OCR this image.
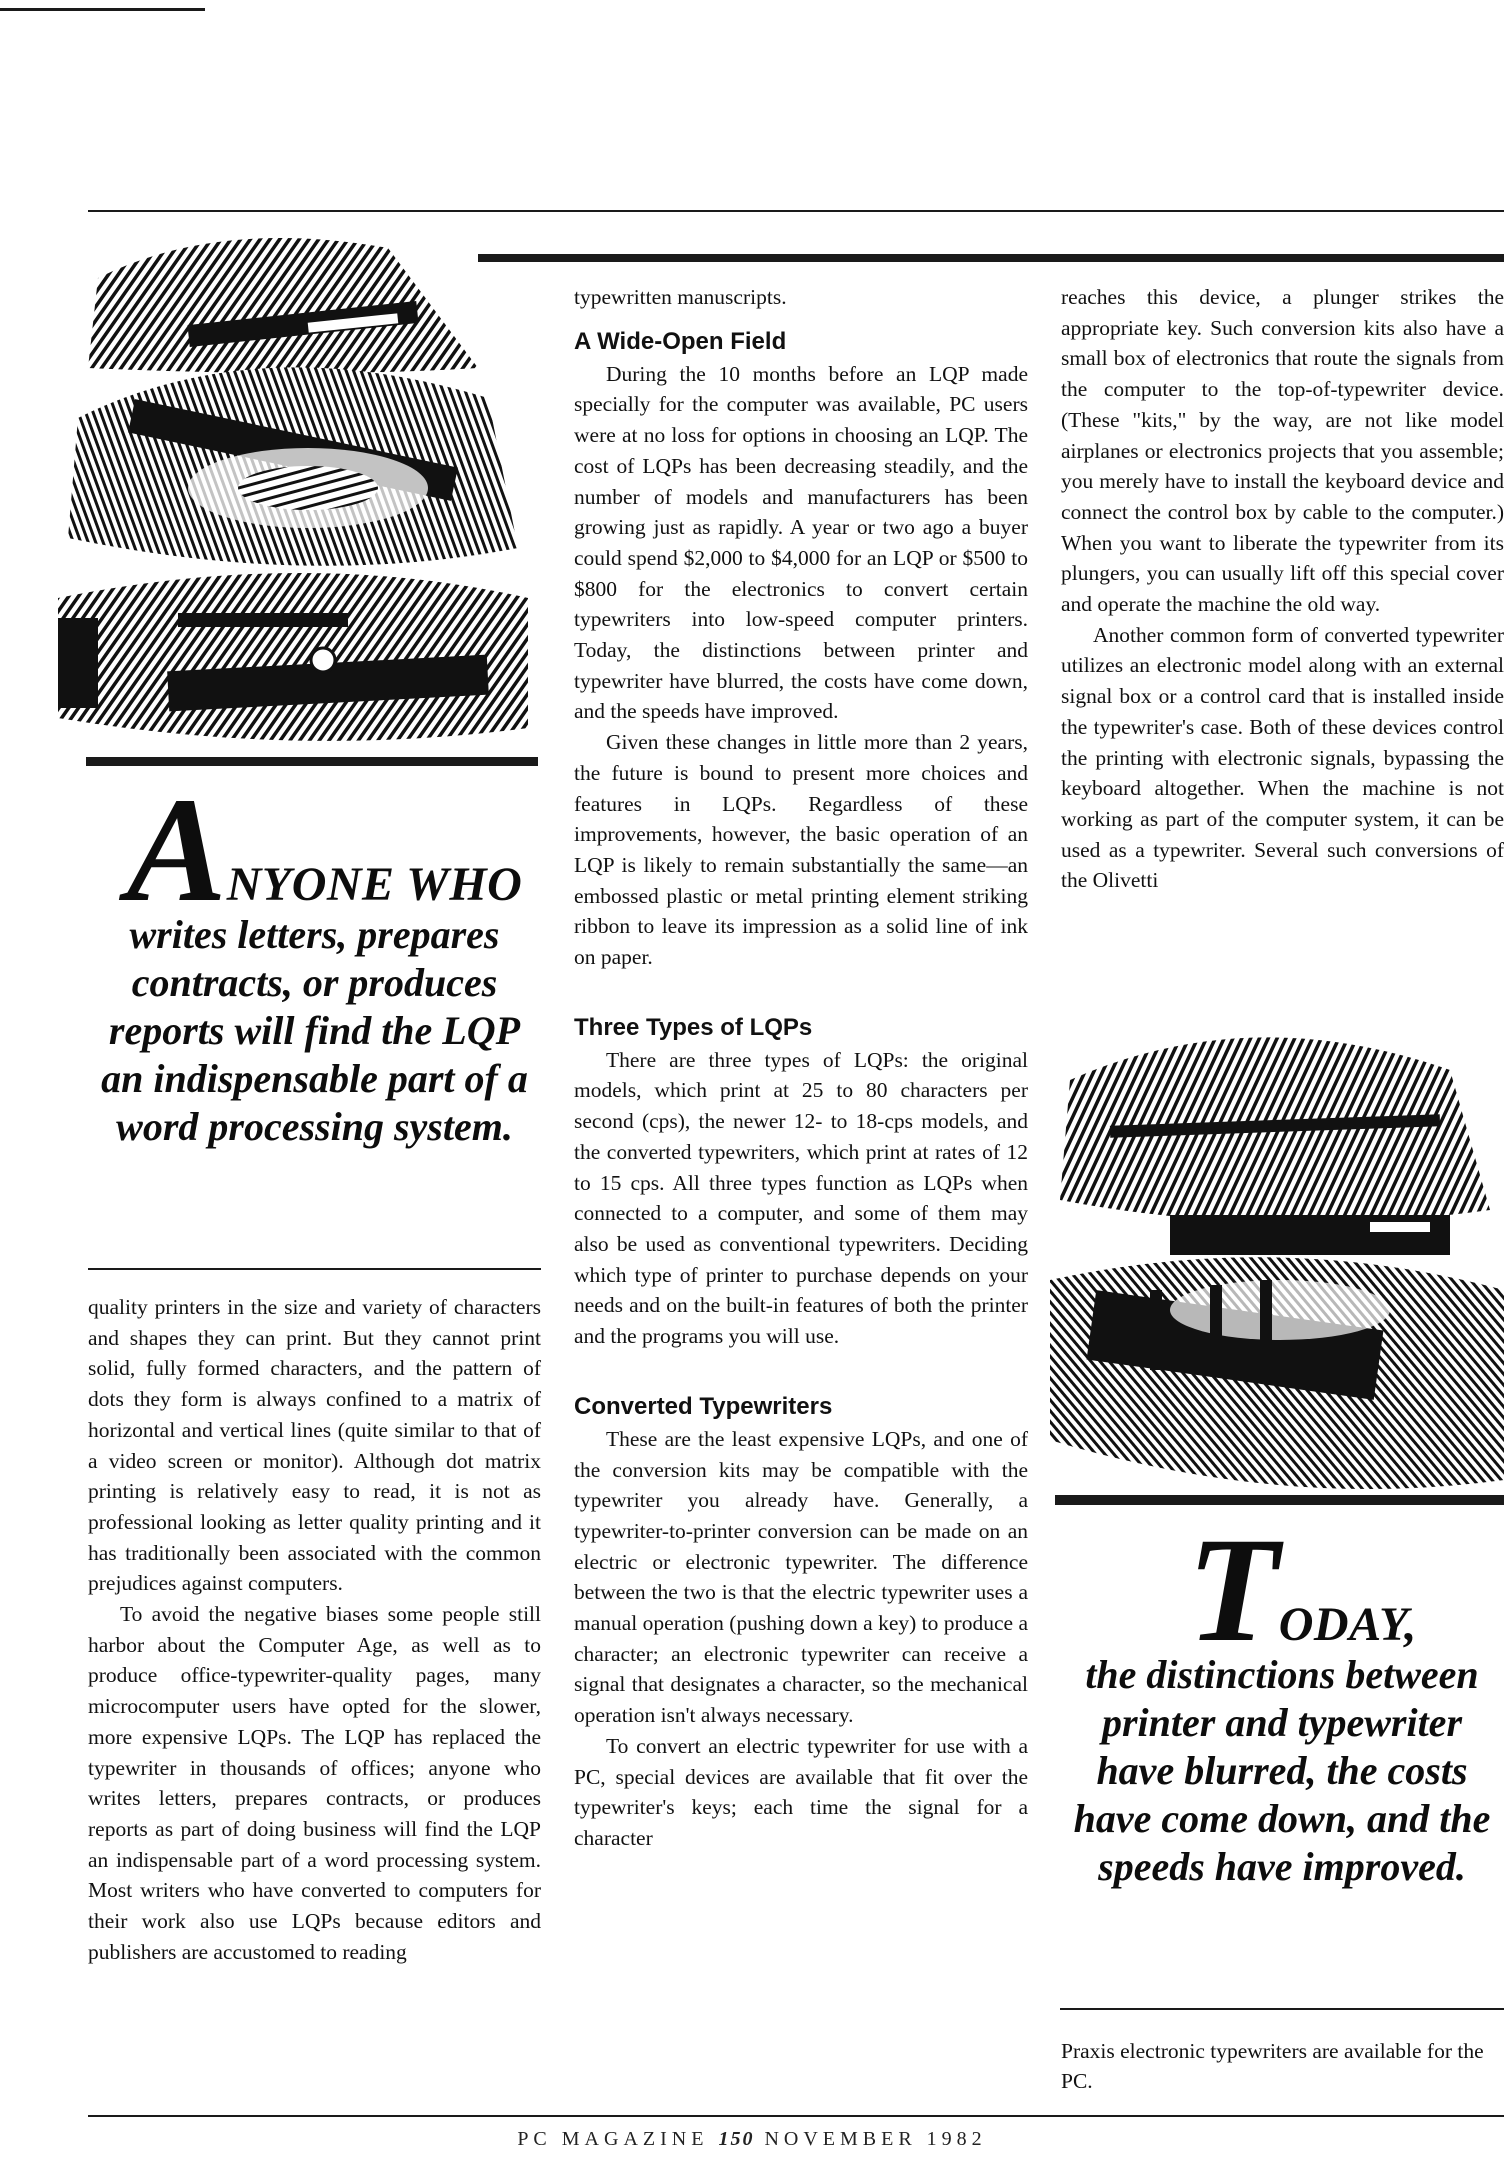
ANYONE WHO
writes letters, prepares contracts, or produces reports will find the LQP an indispensable part of a word processing system.

quality printers in the size and variety of characters and shapes they can print. But they cannot print solid, fully formed characters, and the pattern of dots they form is always confined to a matrix of horizontal and vertical lines (quite similar to that of a video screen or monitor). Although dot matrix printing is relatively easy to read, it is not as professional looking as letter quality printing and it has traditionally been associated with the common prejudices against computers.

To avoid the negative biases some people still harbor about the Computer Age, as well as to produce office-typewriter-quality pages, many microcomputer users have opted for the slower, more expensive LQPs. The LQP has replaced the typewriter in thousands of offices; anyone who writes letters, prepares contracts, or produces reports as part of doing business will find the LQP an indispensable part of a word processing system. Most writers who have converted to computers for their work also use LQPs because editors and publishers are accustomed to reading

typewritten manuscripts.

A Wide-Open Field

During the 10 months before an LQP made specially for the computer was available, PC users were at no loss for options in choosing an LQP. The cost of LQPs has been decreasing steadily, and the number of models and manufacturers has been growing just as rapidly. A year or two ago a buyer could spend $2,000 to $4,000 for an LQP or $500 to $800 for the electronics to convert certain typewriters into low-speed computer printers. Today, the distinctions between printer and typewriter have blurred, the costs have come down, and the speeds have improved.

Given these changes in little more than 2 years, the future is bound to present more choices and features in LQPs. Regardless of these improvements, however, the basic operation of an LQP is likely to remain substantially the same—an embossed plastic or metal printing element striking ribbon to leave its impression as a solid line of ink on paper.

Three Types of LQPs

There are three types of LQPs: the original models, which print at 25 to 80 characters per second (cps), the newer 12- to 18-cps models, and the converted typewriters, which print at rates of 12 to 15 cps. All three types function as LQPs when connected to a computer, and some of them may also be used as conventional typewriters. Deciding which type of printer to purchase depends on your needs and on the built-in features of both the printer and the programs you will use.

Converted Typewriters

These are the least expensive LQPs, and one of the conversion kits may be compatible with the typewriter you already have. Generally, a typewriter-to-printer conversion can be made on an electric or electronic typewriter. The difference between the two is that the electric typewriter uses a manual operation (pushing down a key) to produce a character; an electronic typewriter can receive a signal that designates a character, so the mechanical operation isn't always necessary.

To convert an electric typewriter for use with a PC, special devices are available that fit over the typewriter's keys; each time the signal for a character

reaches this device, a plunger strikes the appropriate key. Such conversion kits also have a small box of electronics that route the signals from the computer to the top-of-typewriter device. (These "kits," by the way, are not like model airplanes or electronics projects that you assemble; you merely have to install the keyboard device and connect the control box by cable to the computer.) When you want to liberate the typewriter from its plungers, you can usually lift off this special cover and operate the machine the old way.

Another common form of converted typewriter utilizes an electronic model along with an external signal box or a control card that is installed inside the typewriter's case. Both of these devices control the printing with electronic signals, bypassing the keyboard altogether. When the machine is not working as part of the computer system, it can be used as a typewriter. Several such conversions of the Olivetti

TODAY,
the distinctions between printer and typewriter have blurred, the costs have come down, and the speeds have improved.
Praxis electronic typewriters are available for the PC.
PC MAGAZINE 150 NOVEMBER 1982
